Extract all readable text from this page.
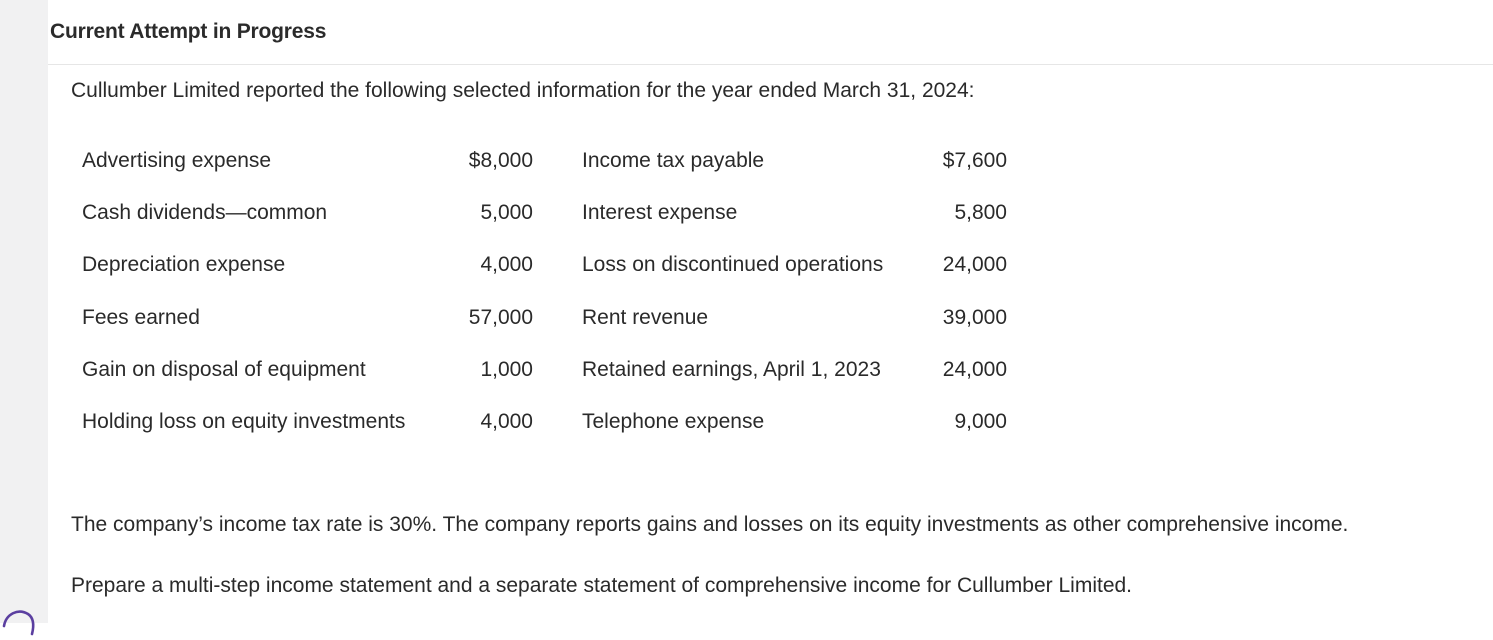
Current Attempt in Progress
Cullumber Limited reported the following selected information for the year ended March 31, 2024:
Advertising expense	$8,000 Income tax payable	$7,600
Cash dividends—common	5,000 Interest expense	5,800
Depreciation expense	4,000 Loss on discontinued operations	24,000
Fees earned	57,000 Rent revenue	39,000
Gain on disposal of equipment	1,000 Retained earnings, April 1, 2023	24,000
Holding loss on equity investments	4,000 Telephone expense	9,000
The company’s income tax rate is 30%. The company reports gains and losses on its equity investments as other comprehensive income.
Prepare a multi-step income statement and a separate statement of comprehensive income for Cullumber Limited.
